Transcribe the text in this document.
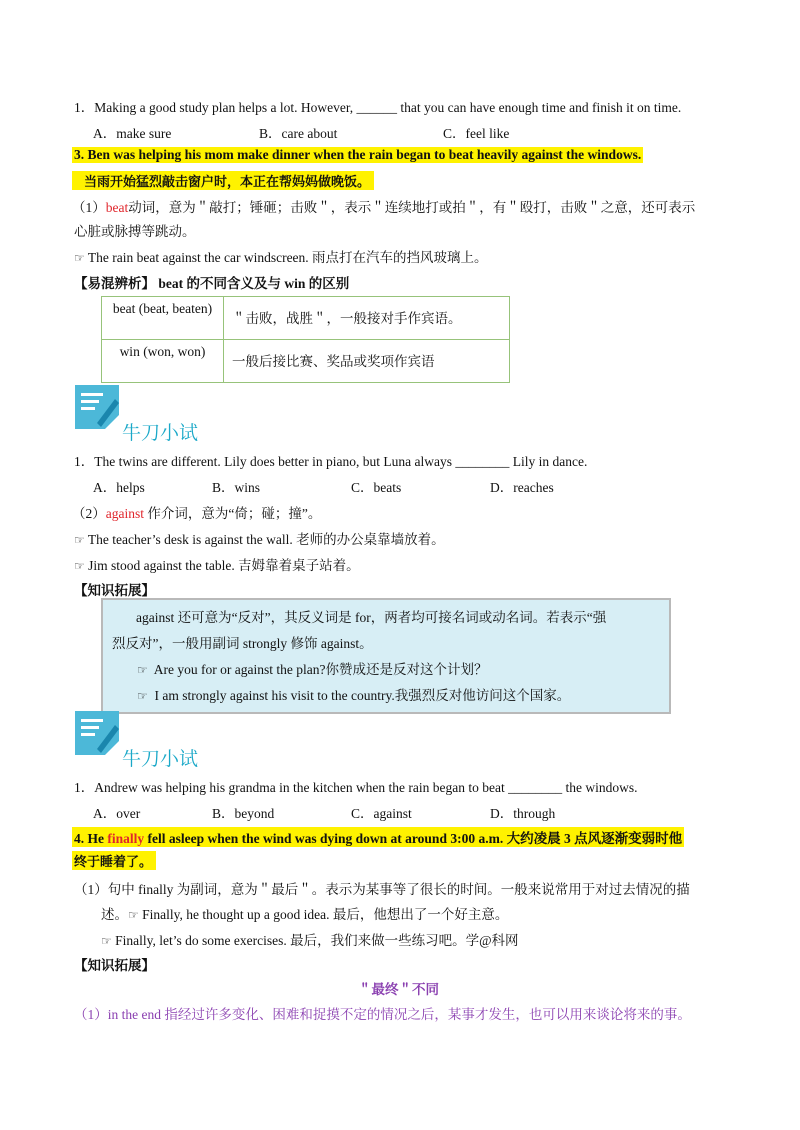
1．Making a good study plan helps a lot. However, ______ that you can have enough time and finish it on time.
A．make sure	B．care about	C．feel like
3. Ben was helping his mom make dinner when the rain began to beat heavily against the windows.
当雨开始猛烈敲击窗户时，本正在帮妈妈做晚饭。
（1）beat动词，意为＂敲打；锤砸；击败＂，表示＂连续地打或拍＂，有＂殴打，击败＂之意，还可表示
心脏或脉搏等跳动。
☞ The rain beat against the car windscreen. 雨点打在汽车的挡风玻璃上。
【易混辨析】 beat 的不同含义及与 win 的区别
beat (beat, beaten)	＂击败，战胜＂，一般接对手作宾语。
win (won, won)	一般后接比赛、奖品或奖项作宾语
牛刀小试
1．The twins are different. Lily does better in piano, but Luna always ________ Lily in dance.
A．helps	B．wins	C．beats	D．reaches
（2）against 作介词，意为“倚；碰；撞”。
☞ The teacher’s desk is against the wall. 老师的办公桌靠墙放着。
☞ Jim stood against the table. 吉姆靠着桌子站着。
【知识拓展】
against 还可意为“反对”，其反义词是 for，两者均可接名词或动名词。若表示“强
烈反对”，一般用副词 strongly 修饰 against。
☞ Are you for or against the plan?你赞成还是反对这个计划？
☞ I am strongly against his visit to the country.我强烈反对他访问这个国家。
牛刀小试
1．Andrew was helping his grandma in the kitchen when the rain began to beat ________ the windows.
A．over	B．beyond	C．against	D．through
4. He finally fell asleep when the wind was dying down at around 3:00 a.m. 大约凌晨 3 点风逐渐变弱时他
终于睡着了。
（1）句中 finally 为副词，意为＂最后＂。表示为某事等了很长的时间。一般来说常用于对过去情况的描
述。☞ Finally, he thought up a good idea. 最后，他想出了一个好主意。
☞ Finally, let’s do some exercises. 最后，我们来做一些练习吧。学@科网
【知识拓展】
＂最终＂不同
（1）in the end 指经过许多变化、困难和捉摸不定的情况之后，某事才发生，也可以用来谈论将来的事。
